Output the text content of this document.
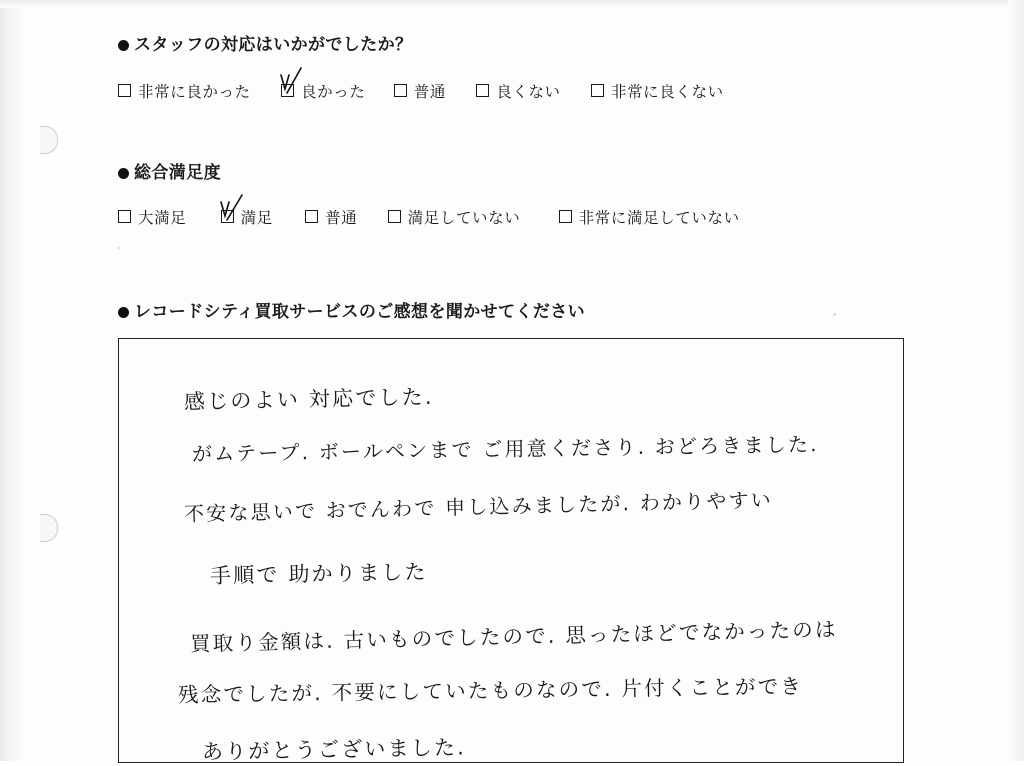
スタッフの対応はいかがでしたか？
非常に良かった	良かった	普通	良くない	非常に良くない
総合満足度
大満足	満足	普通	満足していない	非常に満足していない
レコードシティ買取サービスのご感想を聞かせてください
感じのよい 対応でした.
がムテープ. ボールペンまで ご用意くださり. おどろきました.
不安な思いで おでんわで 申し込みましたが. わかりやすい
手順で 助かりました
買取り金額は. 古いものでしたので. 思ったほどでなかったのは
残念でしたが. 不要にしていたものなので. 片付くことができ
ありがとうございました.
